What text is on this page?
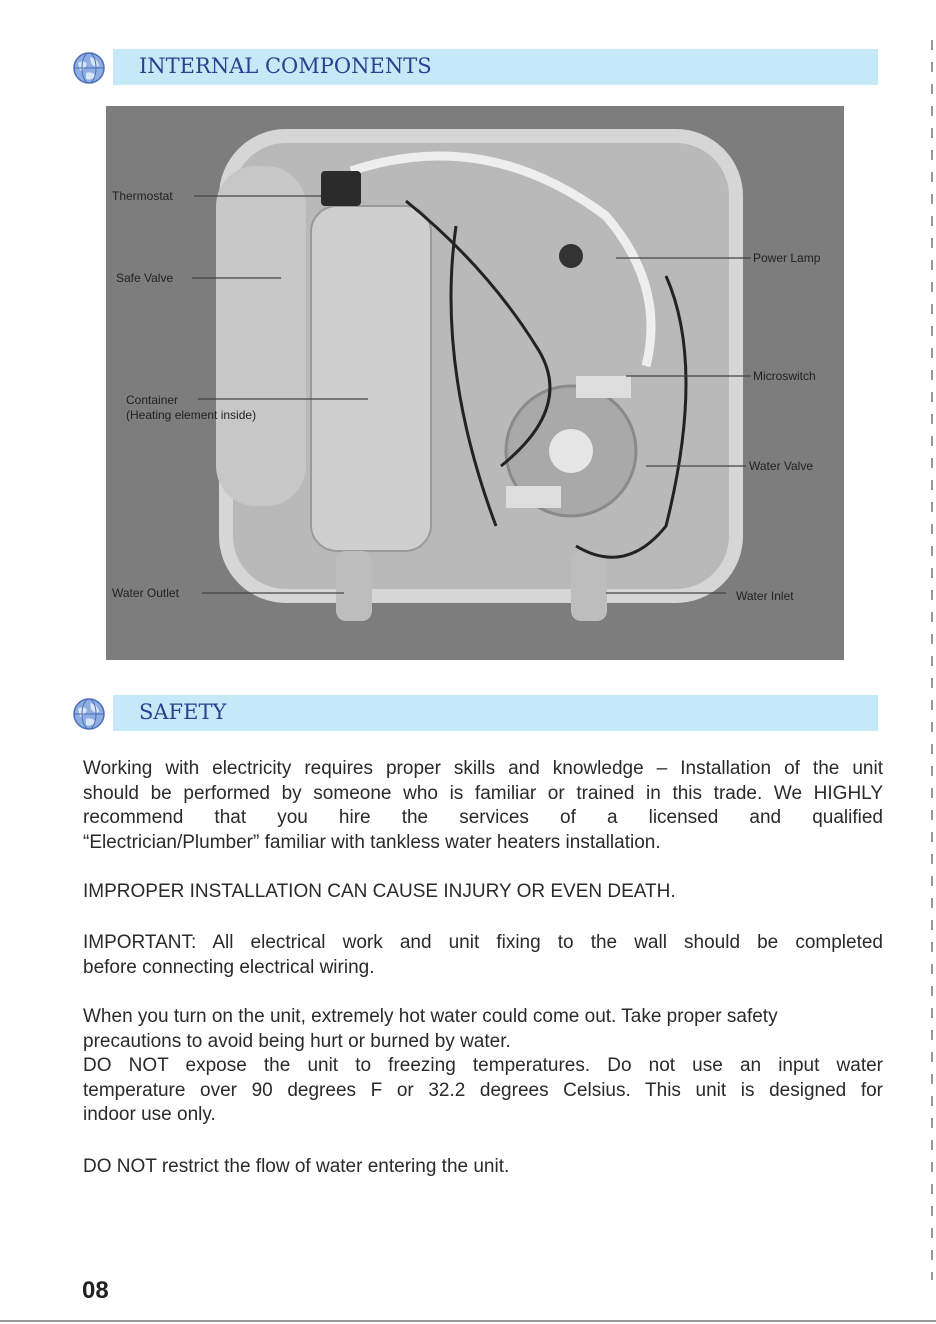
INTERNAL COMPONENTS
Thermostat
Safe Valve
Container
(Heating element inside)
Water Outlet
Power Lamp
Microswitch
Water Valve
Water Inlet
SAFETY
Working with electricity requires proper skills and knowledge – Installation of the unit
should be performed by someone who is familiar or trained in this trade. We HIGHLY
recommend that you hire the services of a licensed and qualified
“Electrician/Plumber” familiar with tankless water heaters installation.
IMPROPER INSTALLATION CAN CAUSE INJURY OR EVEN DEATH.
IMPORTANT: All electrical work and unit fixing to the wall should be completed
before connecting electrical wiring.
When you turn on the unit, extremely hot water could come out. Take proper safety
precautions to avoid being hurt or burned by water.
DO NOT expose the unit to freezing temperatures. Do not use an input water
temperature over 90 degrees F or 32.2 degrees Celsius. This unit is designed for
indoor use only.
DO NOT restrict the flow of water entering the unit.
08
